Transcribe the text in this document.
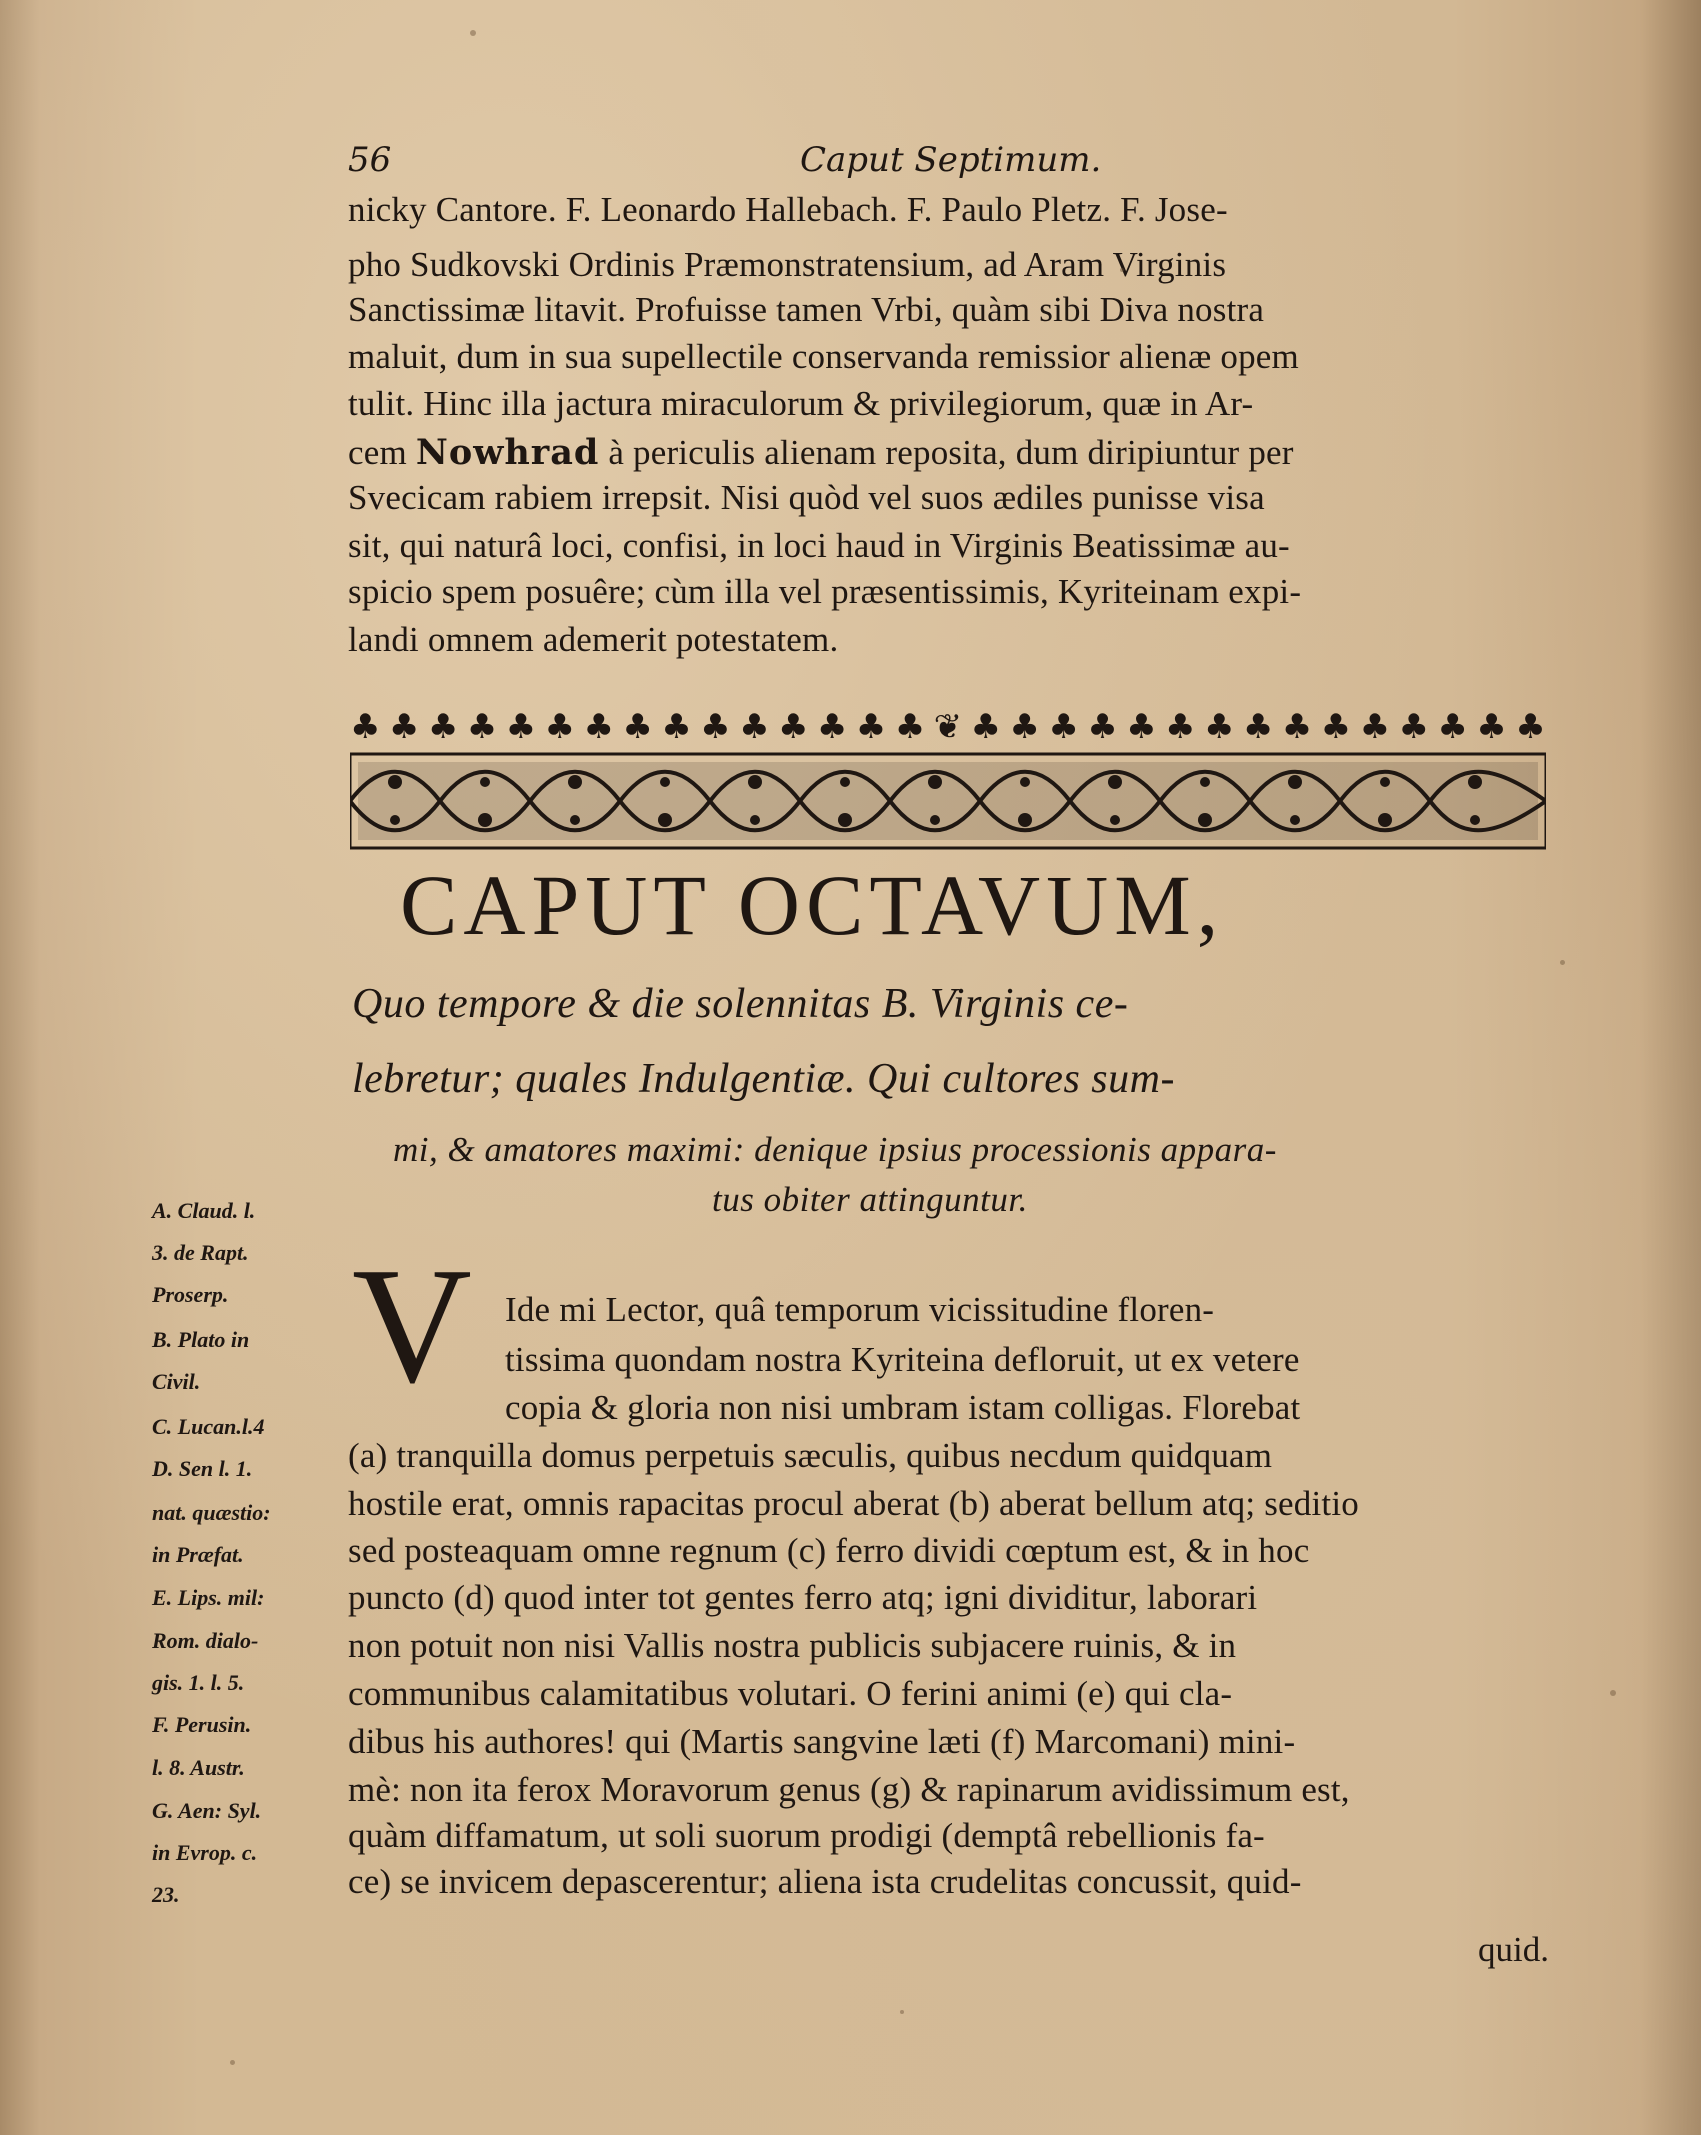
56	Caput Septimum.
nicky Cantore. F. Leonardo Hallebach. F. Paulo Pletz. F. Jose-
pho Sudkovski Ordinis Præmonstratensium, ad Aram Virginis
Sanctissimæ litavit. Profuisse tamen Vrbi, quàm sibi Diva nostra
maluit, dum in sua supellectile conservanda remissior alienæ opem
tulit. Hinc illa jactura miraculorum & privilegiorum, quæ in Ar-
cem Nowhrad à periculis alienam reposita, dum diripiuntur per
Svecicam rabiem irrepsit. Nisi quòd vel suos ædiles punisse visa
sit, qui naturâ loci, confisi, in loci haud in Virginis Beatissimæ au-
spicio spem posuêre; cùm illa vel præsentissimis, Kyriteinam expi-
landi omnem ademerit potestatem.
♣ ♣ ♣ ♣ ♣ ♣ ♣ ♣ ♣ ♣ ♣ ♣ ♣ ♣ ♣ ❦ ♣ ♣ ♣ ♣ ♣ ♣ ♣ ♣ ♣ ♣ ♣ ♣ ♣ ♣ ♣
CAPUT OCTAVUM,
Quo tempore & die solennitas B. Virginis ce-
lebretur; quales Indulgentiæ. Qui cultores sum-
mi, & amatores maximi: denique ipsius processionis appara-
tus obiter attinguntur.
A. Claud. l.
3. de Rapt.
Proserp.
B. Plato in
Civil.
C. Lucan.l.4
D. Sen l. 1.
nat. quæstio:
in Præfat.
E. Lips. mil:
Rom. dialo-
gis. 1. l. 5.
F. Perusin.
l. 8. Austr.
G. Aen: Syl.
in Evrop. c.
23.
V Ide mi Lector, quâ temporum vicissitudine floren-
tissima quondam nostra Kyriteina defloruit, ut ex vetere
copia & gloria non nisi umbram istam colligas. Florebat
(a) tranquilla domus perpetuis sæculis, quibus necdum quidquam
hostile erat, omnis rapacitas procul aberat (b) aberat bellum atq; seditio
sed posteaquam omne regnum (c) ferro dividi cœptum est, & in hoc
puncto (d) quod inter tot gentes ferro atq; igni dividitur, laborari
non potuit non nisi Vallis nostra publicis subjacere ruinis, & in
communibus calamitatibus volutari. O ferini animi (e) qui cla-
dibus his authores! qui (Martis sangvine læti (f) Marcomani) mini-
mè: non ita ferox Moravorum genus (g) & rapinarum avidissimum est,
quàm diffamatum, ut soli suorum prodigi (demptâ rebellionis fa-
ce) se invicem depascerentur; aliena ista crudelitas concussit, quid-
quid.
